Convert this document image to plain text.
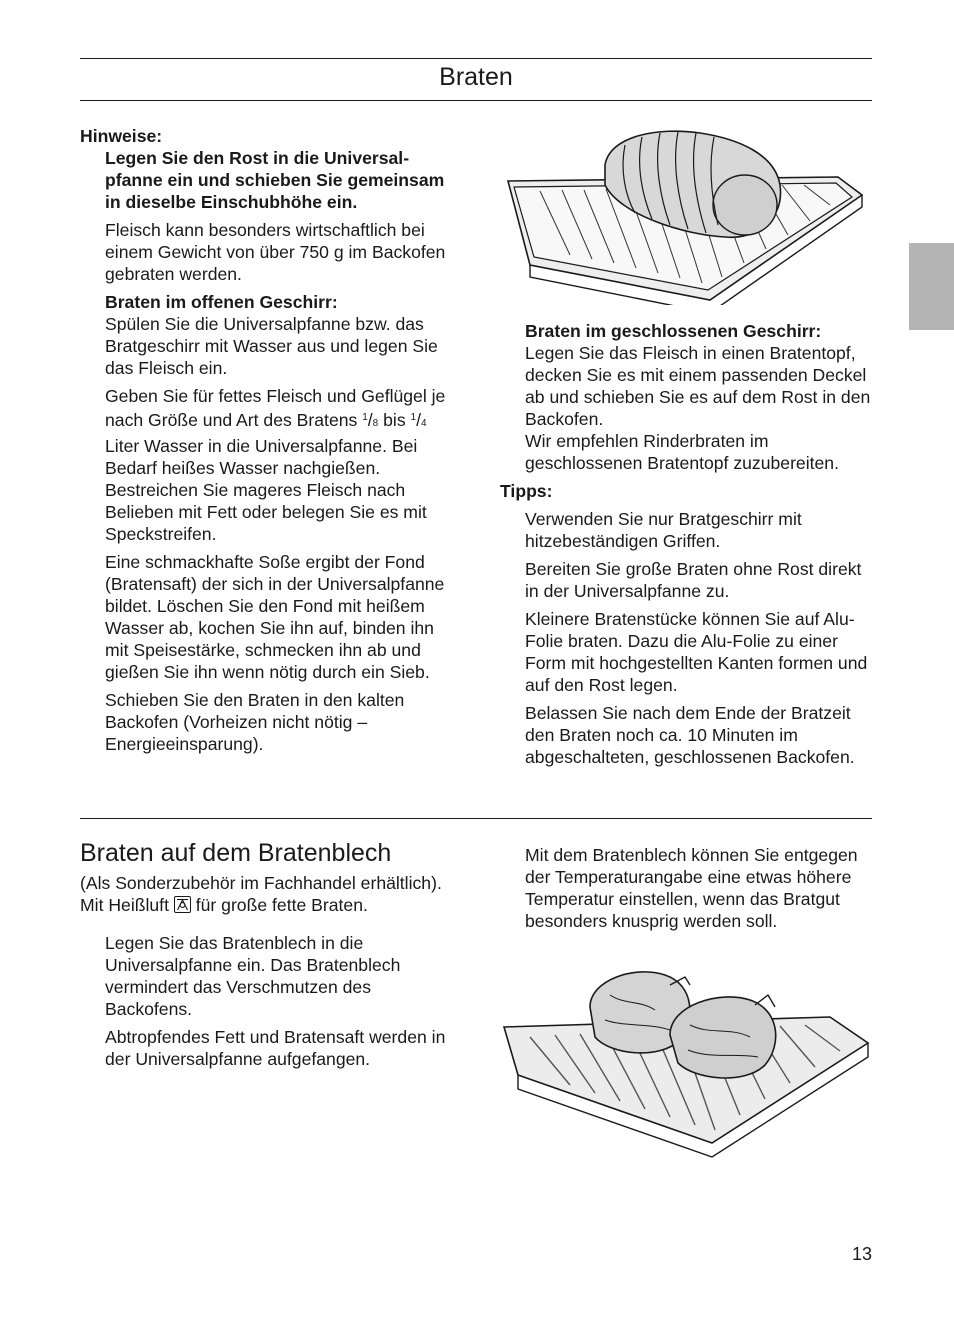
Braten

Hinweise:

Legen Sie den Rost in die Universalpfanne ein und schieben Sie gemeinsam in dieselbe Einschubhöhe ein.

Fleisch kann besonders wirtschaftlich bei einem Gewicht von über 750 g im Backofen gebraten werden.

Braten im offenen Geschirr:

Spülen Sie die Universalpfanne bzw. das Bratgeschirr mit Wasser aus und legen Sie das Fleisch ein.

Geben Sie für fettes Fleisch und Geflügel je nach Größe und Art des Bratens $^1$/8 bis $^1$/4 Liter Wasser in die Universalpfanne. Bei Bedarf heißes Wasser nachgießen. Bestreichen Sie mageres Fleisch nach Belieben mit Fett oder belegen Sie es mit Speckstreifen.

Eine schmackhafte Soße ergibt der Fond (Bratensaft) der sich in der Universalpfanne bildet. Löschen Sie den Fond mit heißem Wasser ab, kochen Sie ihn auf, binden ihn mit Speisestärke, schmecken ihn ab und gießen Sie ihn wenn nötig durch ein Sieb.

Schieben Sie den Braten in den kalten Backofen (Vorheizen nicht nötig – Energieeinsparung).

Braten im geschlossenen Geschirr:

Legen Sie das Fleisch in einen Bratentopf, decken Sie es mit einem passenden Deckel ab und schieben Sie es auf dem Rost in den Backofen.

Wir empfehlen Rinderbraten im geschlossenen Bratentopf zuzubereiten.

Tipps:

Verwenden Sie nur Bratgeschirr mit hitzebeständigen Griffen.

Bereiten Sie große Braten ohne Rost direkt in der Universalpfanne zu.

Kleinere Bratenstücke können Sie auf Alu-Folie braten. Dazu die Alu-Folie zu einer Form mit hochgestellten Kanten formen und auf den Rost legen.

Belassen Sie nach dem Ende der Bratzeit den Braten noch ca. 10 Minuten im abgeschalteten, geschlossenen Backofen.

Braten auf dem Bratenblech

(Als Sonderzubehör im Fachhandel erhältlich).

Mit Heißluft
für große fette Braten.

Legen Sie das Bratenblech in die Universalpfanne ein. Das Bratenblech vermindert das Verschmutzen des Backofens.

Abtropfendes Fett und Bratensaft werden in der Universalpfanne aufgefangen.

Mit dem Bratenblech können Sie entgegen der Temperaturangabe eine etwas höhere Temperatur einstellen, wenn das Bratgut besonders knusprig werden soll.

13
